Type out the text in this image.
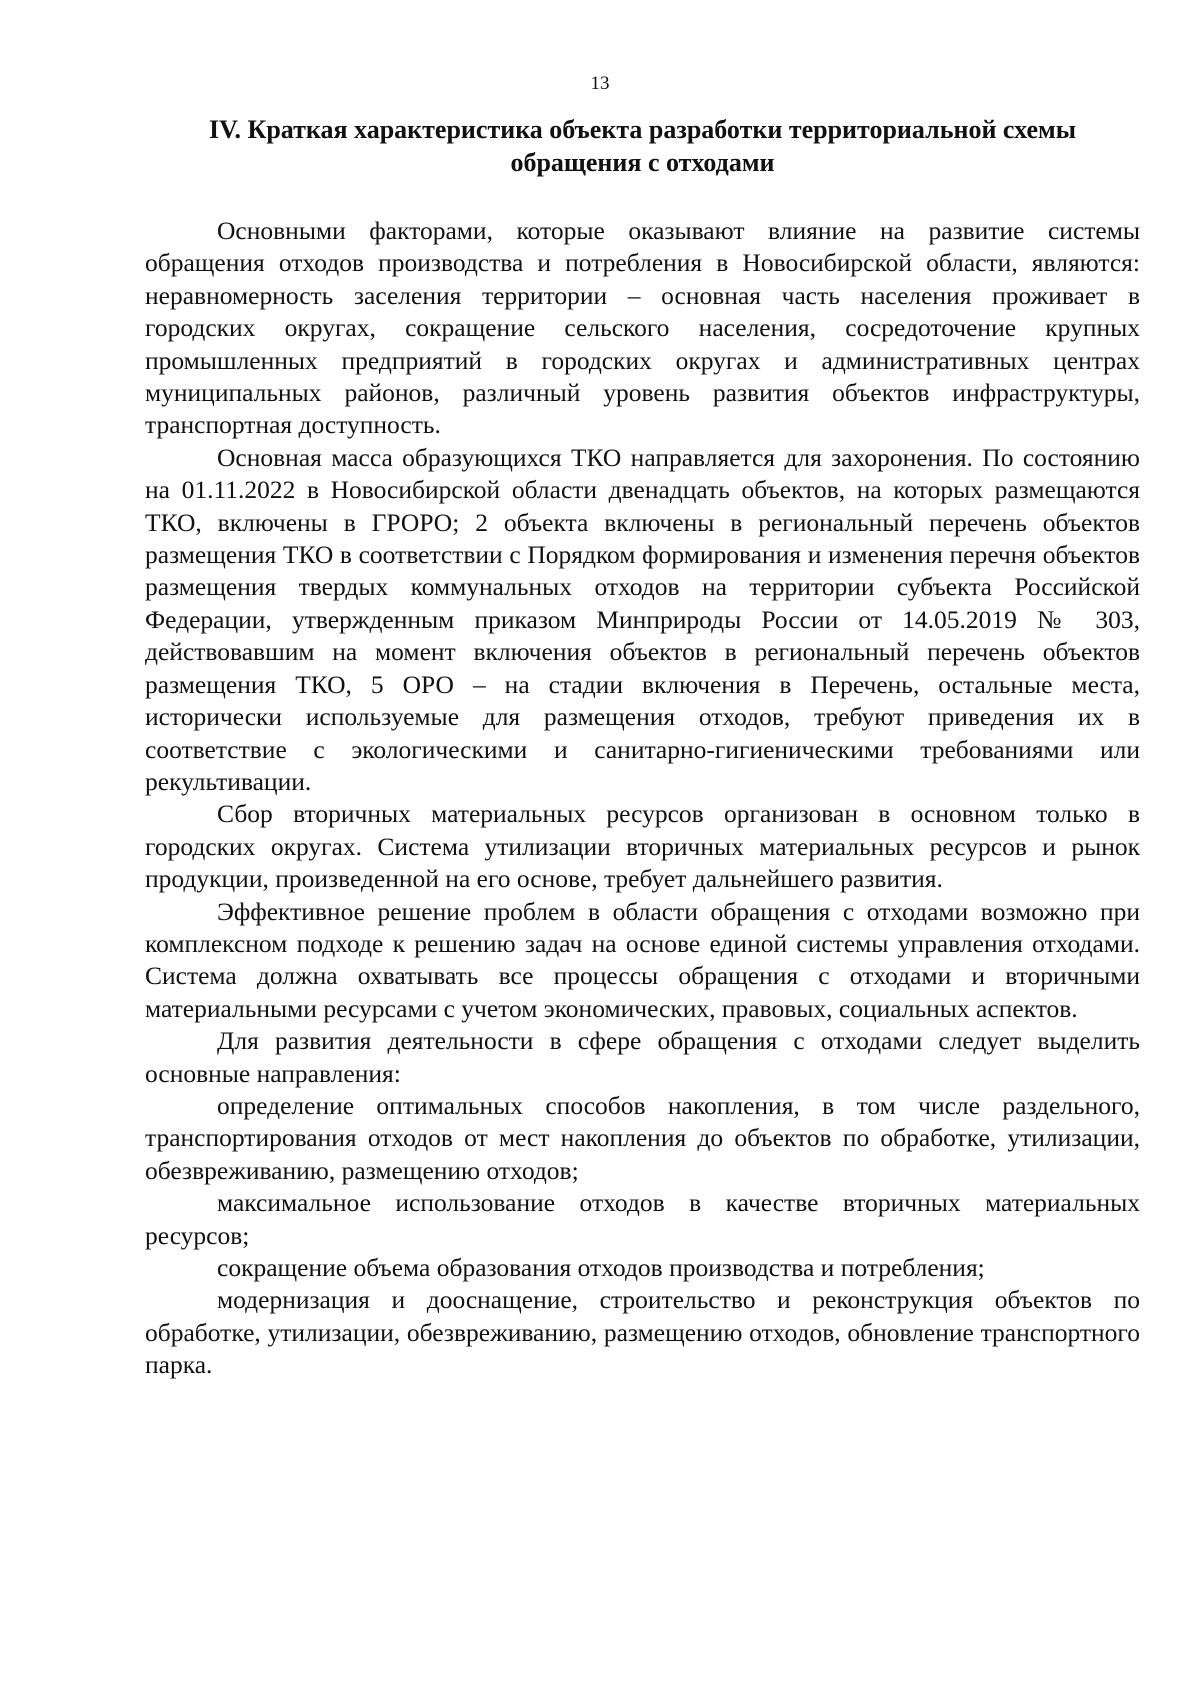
13
IV. Краткая характеристика объекта разработки территориальной схемы обращения с отходами

Основными факторами, которые оказывают влияние на развитие системы обращения отходов производства и потребления в Новосибирской области, являются: неравномерность заселения территории – основная часть населения проживает в городских округах, сокращение сельского населения, сосредоточение крупных промышленных предприятий в городских округах и административных центрах муниципальных районов, различный уровень развития объектов инфраструктуры, транспортная доступность.

Основная масса образующихся ТКО направляется для захоронения. По состоянию на 01.11.2022 в Новосибирской области двенадцать объектов, на которых размещаются ТКО, включены в ГРОРО; 2 объекта включены в региональный перечень объектов размещения ТКО в соответствии с Порядком формирования и изменения перечня объектов размещения твердых коммунальных отходов на территории субъекта Российской Федерации, утвержденным приказом Минприроды России от 14.05.2019 № 303, действовавшим на момент включения объектов в региональный перечень объектов размещения ТКО, 5 ОРО – на стадии включения в Перечень, остальные места, исторически используемые для размещения отходов, требуют приведения их в соответствие с экологическими и санитарно-гигиеническими требованиями или рекультивации.

Сбор вторичных материальных ресурсов организован в основном только в городских округах. Система утилизации вторичных материальных ресурсов и рынок продукции, произведенной на его основе, требует дальнейшего развития.

Эффективное решение проблем в области обращения с отходами возможно при комплексном подходе к решению задач на основе единой системы управления отходами. Система должна охватывать все процессы обращения с отходами и вторичными материальными ресурсами с учетом экономических, правовых, социальных аспектов.

Для развития деятельности в сфере обращения с отходами следует выделить основные направления:

определение оптимальных способов накопления, в том числе раздельного, транспортирования отходов от мест накопления до объектов по обработке, утилизации, обезвреживанию, размещению отходов;

максимальное использование отходов в качестве вторичных материальных ресурсов;

сокращение объема образования отходов производства и потребления;

модернизация и дооснащение, строительство и реконструкция объектов по обработке, утилизации, обезвреживанию, размещению отходов, обновление транспортного парка.
